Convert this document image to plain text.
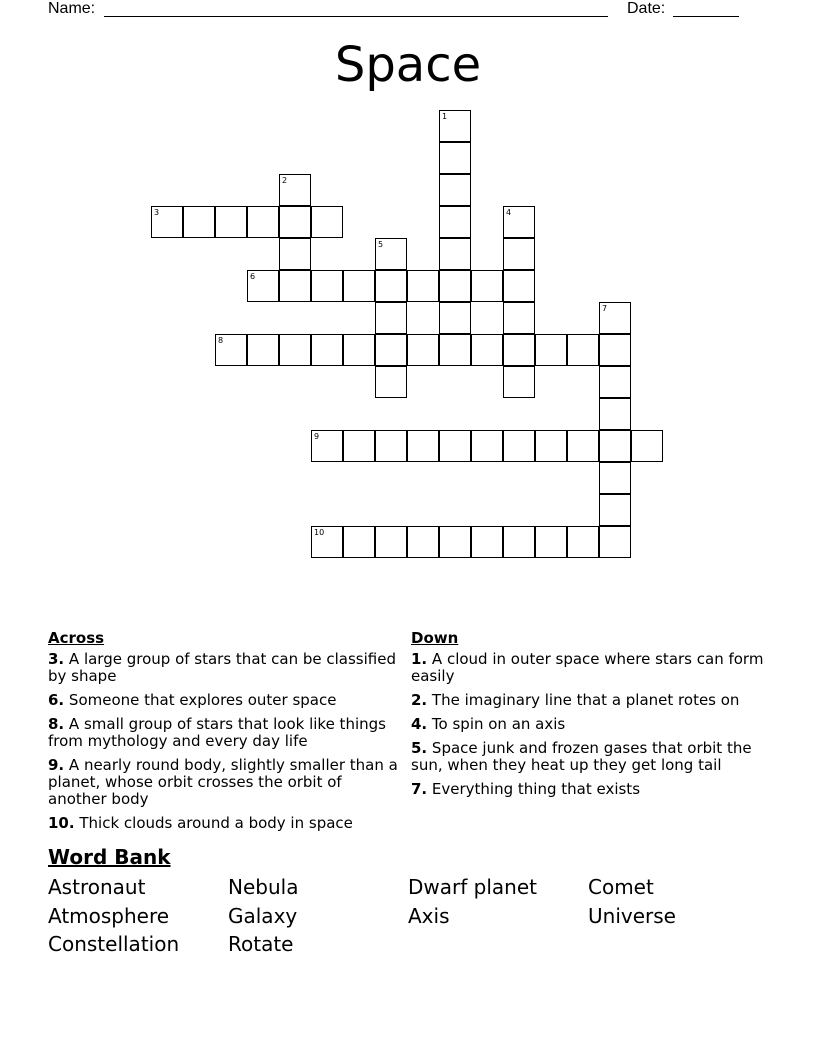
Name:	Date:
Space
1
2
3	4
5
6
7
8
9
10
Across
3. A large group of stars that can be classified by shape
6. Someone that explores outer space
8. A small group of stars that look like things from mythology and every day life
9. A nearly round body, slightly smaller than a planet, whose orbit crosses the orbit of another body
10. Thick clouds around a body in space
Down
1. A cloud in outer space where stars can form easily
2. The imaginary line that a planet rotes on
4. To spin on an axis
5. Space junk and frozen gases that orbit the sun, when they heat up they get long tail
7. Everything thing that exists
Word Bank
Astronaut	Nebula	Dwarf planet	Comet
Atmosphere	Galaxy	Axis	Universe
Constellation Rotate
